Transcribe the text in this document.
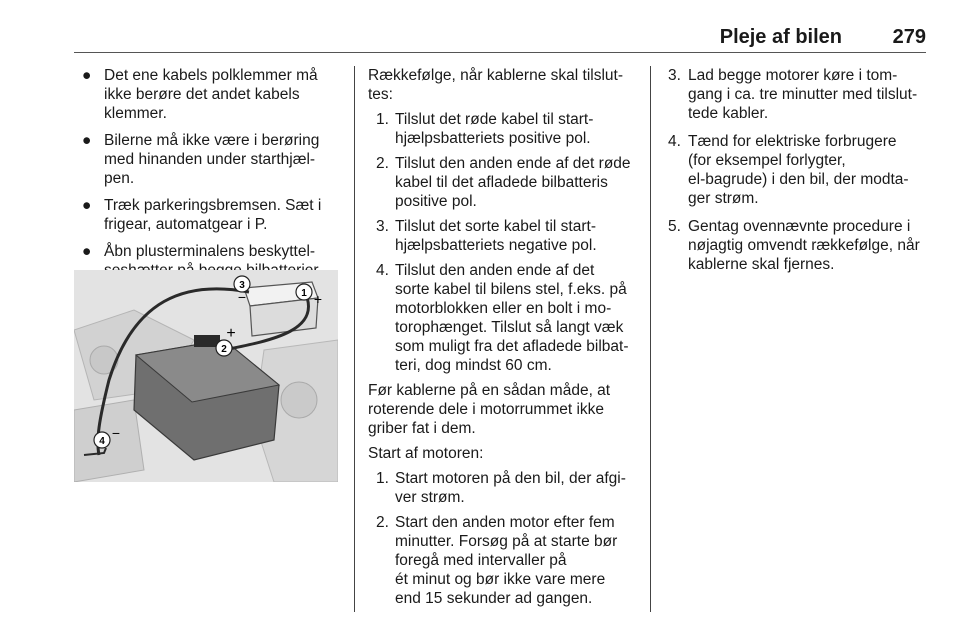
Pleje af bilen	279
● Det ene kabels polklemmer må
ikke berøre det andet kabels
klemmer.
● Bilerne må ikke være i berøring
med hinanden under starthjæl-
pen.
● Træk parkeringsbremsen. Sæt i
frigear, automatgear i P.
● Åbn plusterminalens beskyttel-
1 +
3
−
+
2
4
−

Rækkefølge, når kablerne skal tilslut-
tes:

1. Tilslut det røde kabel til start-
hjælpsbatteriets positive pol.
2. Tilslut den anden ende af det røde
kabel til det afladede bilbatteris
positive pol.
3. Tilslut det sorte kabel til start-
hjælpsbatteriets negative pol.
4. Tilslut den anden ende af det
sorte kabel til bilens stel, f.eks. på
motorblokken eller en bolt i mo-
torophænget. Tilslut så langt væk
som muligt fra det afladede bilbat-
teri, dog mindst 60 cm.

Før kablerne på en sådan måde, at
roterende dele i motorrummet ikke
griber fat i dem.

Start af motoren:

1. Start motoren på den bil, der afgi-
ver strøm.
2. Start den anden motor efter fem
minutter. Forsøg på at starte bør
foregå med intervaller på
ét minut og bør ikke vare mere
end 15 sekunder ad gangen.
3. Lad begge motorer køre i tom-
gang i ca. tre minutter med tilslut-
tede kabler.
4. Tænd for elektriske forbrugere
(for eksempel forlygter,
el-bagrude) i den bil, der modta-
ger strøm.
5. Gentag ovennævnte procedure i
nøjagtig omvendt rækkefølge, når
kablerne skal fjernes.
